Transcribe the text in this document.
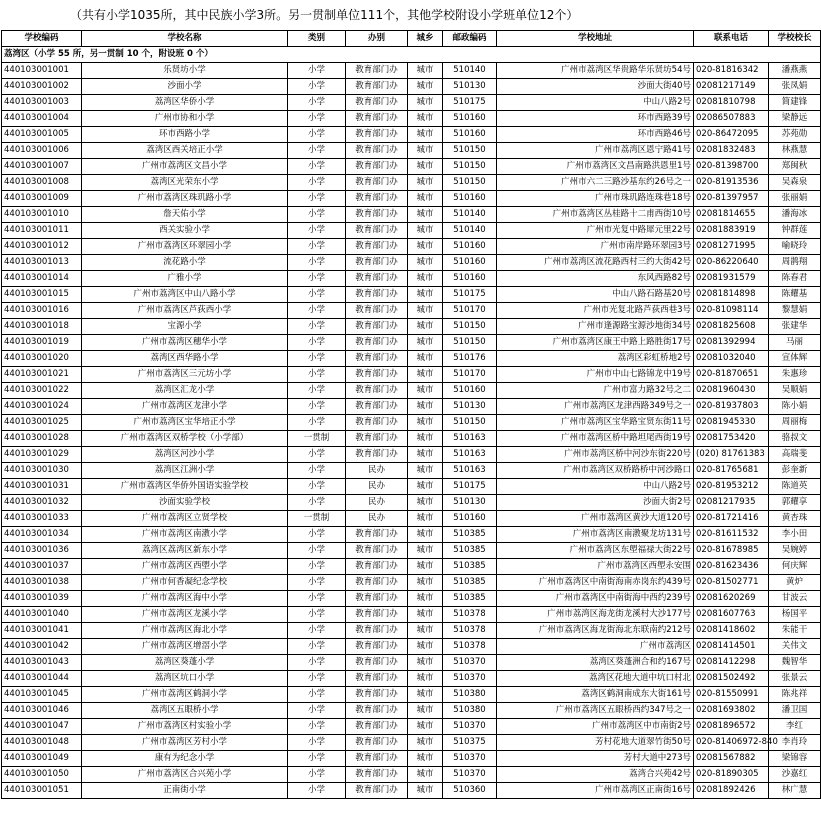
（共有小学1035所，其中民族小学3所。另一贯制单位111个，其他学校附设小学班单位12个）
学校编码	学校名称	类别	办别	城乡	邮政编码	学校地址	联系电话	学校校长
荔湾区（小学 55 所，另一贯制 10 个，附设班 0 个）								
440103001001	乐贤坊小学	小学	教育部门办	城市	510140	广州市荔湾区华贵路华乐贤坊54号	020-81816342	潘燕燕
440103001002	沙面小学	小学	教育部门办	城市	510130	沙面大街40号	02081217149	张凤娟
440103001003	荔湾区华侨小学	小学	教育部门办	城市	510175	中山八路2号	02081810798	简建锋
440103001004	广州市协和小学	小学	教育部门办	城市	510160	环市西路39号	02086507883	梁静远
440103001005	环市西路小学	小学	教育部门办	城市	510160	环市西路46号	020-86472095	苏苑勋
440103001006	荔湾区西关培正小学	小学	教育部门办	城市	510150	广州市荔湾区恩宁路41号	02081832483	林燕慧
440103001007	广州市荔湾区文昌小学	小学	教育部门办	城市	510150	广州市荔湾区文昌南路洪恩里1号	020-81398700	郑闽秋
440103001008	荔湾区光荣东小学	小学	教育部门办	城市	510150	广州市六二三路沙基东约26号之一	020-81913536	吴森泉
440103001009	广州市荔湾区珠玑路小学	小学	教育部门办	城市	510160	广州市珠玑路连珠巷18号	020-81397957	张丽娟
440103001010	詹天佑小学	小学	教育部门办	城市	510140	广州市荔湾区丛桂路十二甫西街10号	02081814655	潘海冰
440103001011	西关实验小学	小学	教育部门办	城市	510140	广州市光复中路犀元里22号	02081883919	钟群莲
440103001012	广州市荔湾区环翠园小学	小学	教育部门办	城市	510160	广州市南岸路环翠园3号	02081271995	喻晓玲
440103001013	流花路小学	小学	教育部门办	城市	510160	广州市荔湾区流花路西村三约大街42号	020-86220640	周鹊翔
440103001014	广雅小学	小学	教育部门办	城市	510160	东风西路82号	02081931579	陈春君
440103001015	广州市荔湾区中山八路小学	小学	教育部门办	城市	510175	中山八路石路基20号	02081814898	陈耀基
440103001016	广州市荔湾区芦荻西小学	小学	教育部门办	城市	510170	广州市光复北路芦荻西巷3号	020-81098114	黎慧娟
440103001018	宝源小学	小学	教育部门办	城市	510150	广州市逢源路宝源沙地街34号	02081825608	张建华
440103001019	广州市荔湾区穗华小学	小学	教育部门办	城市	510150	广州市荔湾区康王中路上路胜街17号	02081392994	马丽
440103001020	荔湾区西华路小学	小学	教育部门办	城市	510176	荔湾区彩虹桥地2号	02081032040	宣体辉
440103001021	广州市荔湾区三元坊小学	小学	教育部门办	城市	510170	广州市中山七路锦龙中19号	020-81870651	朱惠珍
440103001022	荔湾区汇龙小学	小学	教育部门办	城市	510160	广州市富力路32号之二	02081960430	吴顺娟
440103001024	广州市荔湾区龙津小学	小学	教育部门办	城市	510130	广州市荔湾区龙津西路349号之一	020-81937803	陈小娟
440103001025	广州市荔湾区宝华培正小学	小学	教育部门办	城市	510150	广州市荔湾区宝华路宝贤东街11号	02081945330	周丽梅
440103001028	广州市荔湾区双桥学校（小学部）	一贯制	教育部门办	城市	510163	广州市荔湾区桥中路坦尾西街19号	02081753420	骆叔文
440103001029	荔湾区河沙小学	小学	教育部门办	城市	510163	广州市荔湾区桥中河沙东街220号	(020) 81761383	高瑞斐
440103001030	荔湾区江洲小学	小学	民办	城市	510163	广州市荔湾区双桥路桥中河沙路口	020-81765681	彭奎新
440103001031	广州市荔湾区华侨外国语实验学校	小学	民办	城市	510175	中山八路2号	020-81953212	陈道英
440103001032	沙面实验学校	小学	民办	城市	510130	沙面大街2号	02081217935	郭耀享
440103001033	广州市荔湾区立贤学校	一贯制	民办	城市	510160	广州市荔湾区黄沙大道120号	020-81721416	黄杏珠
440103001034	广州市荔湾区南漖小学	小学	教育部门办	城市	510385	广州市荔湾区南漖聚龙坊131号	020-81611532	李小田
440103001036	荔湾区荔湾区新东小学	小学	教育部门办	城市	510385	广州市荔湾区东塱福禄大街22号	020-81678985	吴婉婷
440103001037	广州市荔湾区西塱小学	小学	教育部门办	城市	510385	广州市荔湾区西塱永安围	020-81623436	何庆辉
440103001038	广州市何香凝纪念学校	小学	教育部门办	城市	510385	广州市荔湾区中南街海南赤岗东约439号	020-81502771	黄炉
440103001039	广州市荔湾区海中小学	小学	教育部门办	城市	510385	广州市荔湾区中南街海中西约239号	02081620269	甘波云
440103001040	广州市荔湾区龙溪小学	小学	教育部门办	城市	510378	广州市荔湾区海龙街龙溪村大沙177号	02081607763	杨国平
440103001041	广州市荔湾区海北小学	小学	教育部门办	城市	510378	广州市荔湾区海龙街海北东联南约212号	02081418602	朱能干
440103001042	广州市荔湾区增滘小学	小学	教育部门办	城市	510378	广州市荔湾区	02081414501	关伟文
440103001043	荔湾区葵蓬小学	小学	教育部门办	城市	510370	荔湾区葵蓬洲合和约167号	02081412298	魏智华
440103001044	荔湾区坑口小学	小学	教育部门办	城市	510370	荔湾区花地大道中坑口村北	02081502492	张景云
440103001045	广州市荔湾区鹤洞小学	小学	教育部门办	城市	510380	荔湾区鹤洞南成东大街161号	020-81550991	陈兆祥
440103001046	荔湾区五眼桥小学	小学	教育部门办	城市	510380	广州市荔湾区五眼桥西约347号之一	02081693802	潘卫国
440103001047	广州市荔湾区村实验小学	小学	教育部门办	城市	510370	广州市荔湾区中市南街2号	02081896572	李红
440103001048	广州市荔湾区芳村小学	小学	教育部门办	城市	510375	芳村花地大道翠竹街50号	020-81406972-840	李肖玲
440103001049	康有为纪念小学	小学	教育部门办	城市	510370	芳村大道中273号	02081567882	梁锦容
440103001050	广州市荔湾区合兴苑小学	小学	教育部门办	城市	510370	荔湾合兴苑42号	020-81890305	沙嘉红
440103001051	正南街小学	小学	教育部门办	城市	510360	广州市荔湾区正南街16号	02081892426	林广慧
